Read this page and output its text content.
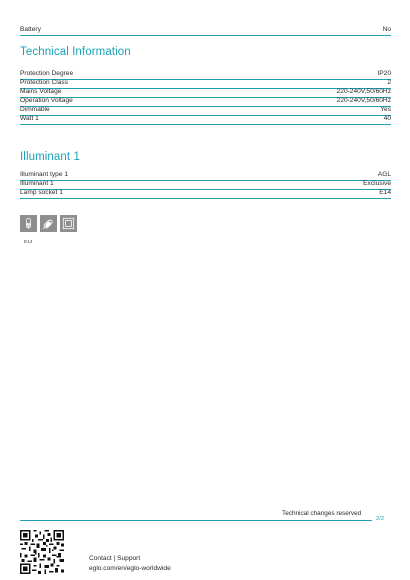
Battery	No
Technical Information
Protection Degree	IP20
Protection Class	2
Mains Voltage	220-240V,50/60Hz
Operation Voltage	220-240V,50/60Hz
Dimmable	Yes
Watt 1	40
Illuminant 1
Illuminant type 1	AGL
Illuminant 1	Exclusive
Lamp socket 1	E14
E14
Technical changes reserved
2/2
Contact | Support
eglo.com/en/eglo-worldwide
